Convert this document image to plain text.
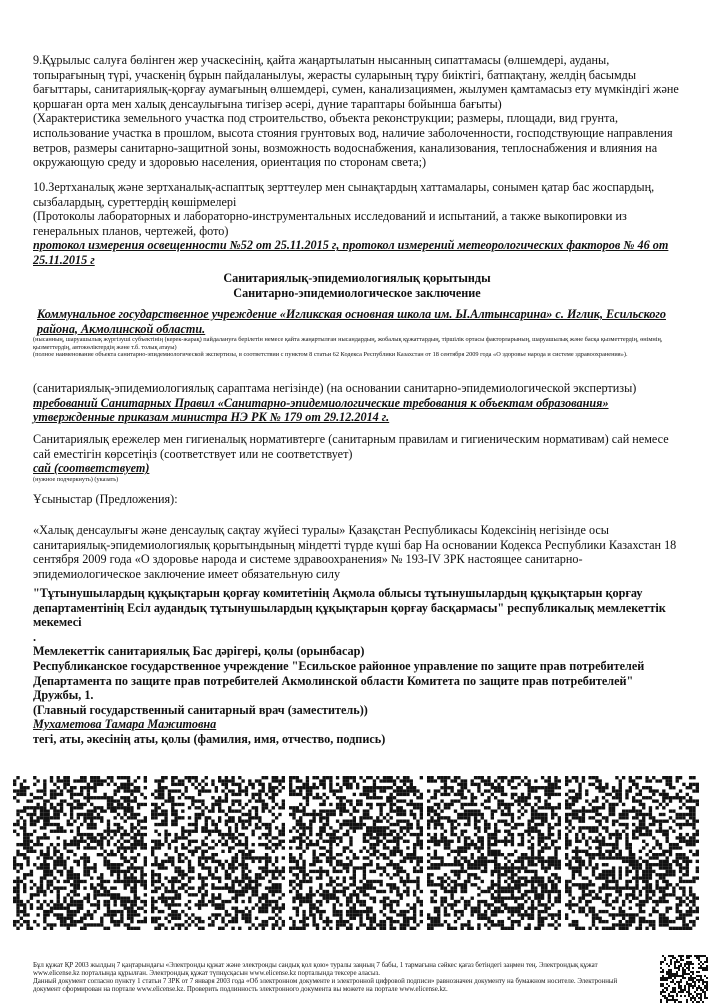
9.Құрылыс салуға бөлінген жер учаскесінің, қайта жаңартылатын нысанның сипаттамасы (өлшемдері, ауданы, топырағының түрі, учаскенің бұрын пайдаланылуы, жерасты суларының тұру биіктігі, батпақтану, желдің басымды бағыттары, санитариялық-қорғау аумағының өлшемдері, сумен, канализациямен, жылумен қамтамасыз ету мүмкіндігі және қоршаған орта мен халық денсаулығына тигізер әсері, дүние тараптары бойынша бағыты)

(Характеристика земельного участка под строительство, объекта реконструкции; размеры, площади, вид грунта, использование участка в прошлом, высота стояния грунтовых вод, наличие заболоченности, господствующие направления ветров, размеры санитарно-защитной зоны, возможность водоснабжения, канализования, теплоснабжения и влияния на окружающую среду и здоровью населения, ориентация по сторонам света;)

10.Зертханалық және зертханалық-аспаптық зерттеулер мен сынақтардың хаттамалары, сонымен қатар бас жоспардың, сызбалардың, суреттердің көшірмелері

(Протоколы лабораторных и лабораторно-инструментальных исследований и испытаний, а также выкопировки из генеральных планов, чертежей, фото)

протокол измерения освещенности №52 от 25.11.2015 г, протокол измерений метеорологических факторов № 46 от 25.11.2015 г

Санитариялық-эпидемиологиялық қорытынды
Санитарно-эпидемиологическое заключение

Коммунальное государственное учреждение «Игликская основная школа им. Ы.Алтынсарина» с. Иглик, Есильского района, Акмолинской области.

(нысанның, шаруашылық жүргізуші субъектінің (керек-жарақ) пайдалануға берілетін немесе қайта жаңартылған нысандардың, жобалық құжаттардың, тіршілік ортасы факторларының, шаруашылық және басқа қызметтердің, өнімнің, қызметтердің, автокөліктердің және т.б. толық атауы)

(полное наименование объекта санитарно-эпидемиологической экспертизы, в соответствии с пунктом 8 статьи 62 Кодекса Республики Казахстан от 18 сентября 2009 года «О здоровье народа и системе здравоохранения»).

(санитариялық-эпидемиологиялық сараптама негізінде) (на основании санитарно-эпидемиологической экспертизы)

требований Санитарных Правил «Санитарно-эпидемиологические требования к объектам образования» утвержденные приказам министра НЭ РК № 179 от 29.12.2014 г.

Санитариялық ережелер мен гигиеналық нормативтерге (санитарным правилам и гигиеническим нормативам) сай немесе сай еместігін көрсетіңіз (соответствует или не соответствует)

сай (соответствует)

(нужное подчеркнуть) (указать)

Ұсыныстар (Предложения):

«Халық денсаулығы және денсаулық сақтау жүйесі туралы» Қазақстан Республикасы Кодексінің негізінде осы санитариялық-эпидемиологиялық қорытындының міндетті түрде күші бар На основании Кодекса Республики Казахстан 18 сентября 2009 года «О здоровье народа и системе здравоохранения» № 193-IV ЗРК настоящее санитарно-эпидемиологическое заключение имеет обязательную силу

"Тұтынушылардың құқықтарын қорғау комитетінің Ақмола облысы тұтынушылардың құқықтарын қорғау департаментінің Есіл аудандық тұтынушылардың құқықтарын қорғау басқармасы" республикалық мемлекеттік мекемесі

.

Мемлекеттік санитариялық Бас дәрігері, қолы (орынбасар)

Республиканское государственное учреждение "Есильское районное управление по защите прав потребителей Департамента по защите прав потребителей Акмолинской области Комитета по защите прав потребителей"

Дружбы, 1.

(Главный государственный санитарный врач (заместитель))

Мухаметова Тамара Мажитовна

тегі, аты, әкесінің аты, қолы (фамилия, имя, отчество, подпись)

Бұл құжат ҚР 2003 жылдың 7 қаңтарындағы «Электронды құжат және электронды сандық қол қою» туралы заңның 7 бабы, 1 тармағына сәйкес қағаз бетіндегі заңмен тең. Электрондық құжат www.elicense.kz порталында құрылған. Электрондық құжат түпнұсқасын www.elicense.kz порталында тексере аласыз.
Данный документ согласно пункту 1 статьи 7 ЗРК от 7 января 2003 года «Об электронном документе и электронной цифровой подписи» равнозначен документу на бумажном носителе. Электронный документ сформирован на портале www.elicense.kz. Проверить подлинность электронного документа вы можете на портале www.elicense.kz.
